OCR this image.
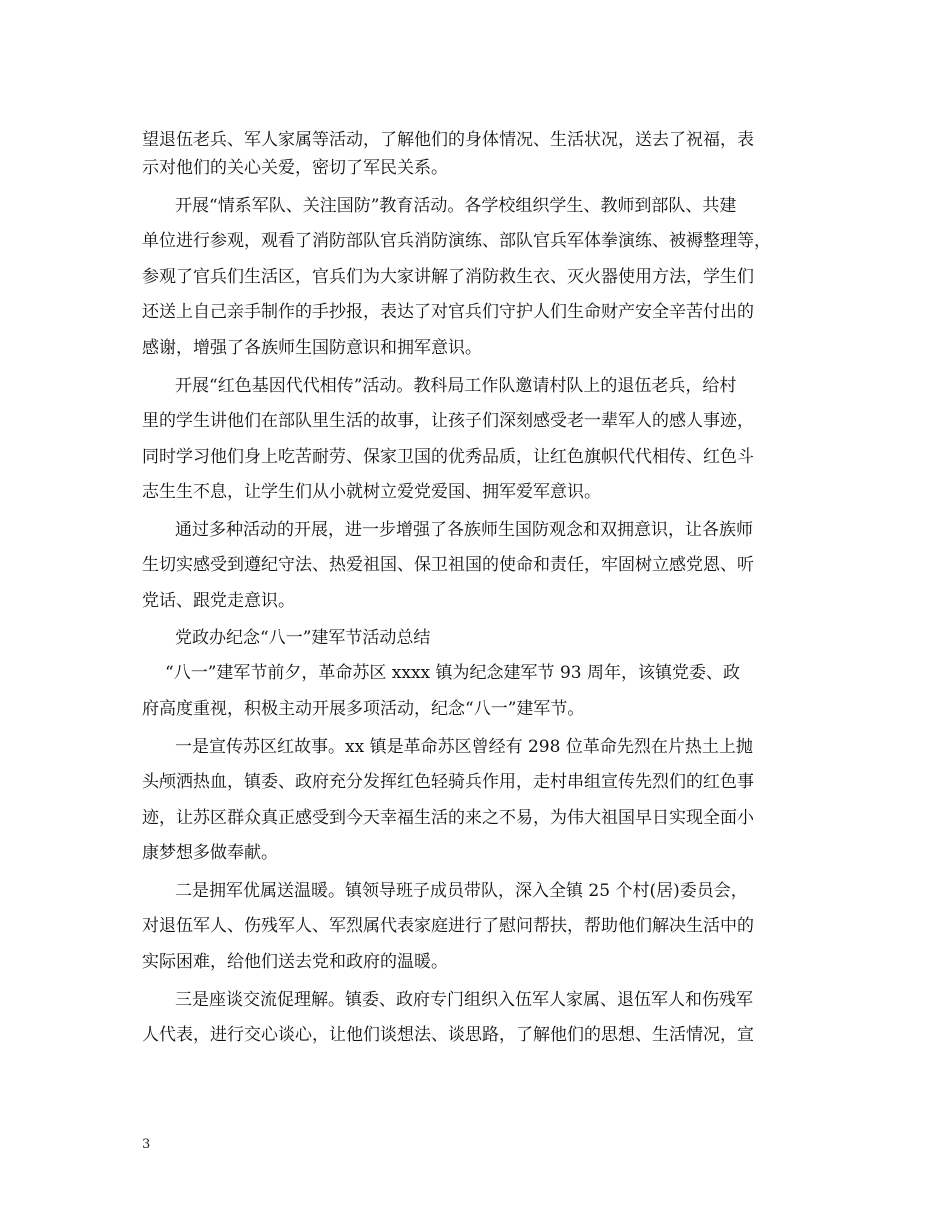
望退伍老兵、军人家属等活动，了解他们的身体情况、生活状况，送去了祝福，表

示对他们的关心关爱，密切了军民关系。

开展“情系军队、关注国防”教育活动。各学校组织学生、教师到部队、共建

单位进行参观，观看了消防部队官兵消防演练、部队官兵军体拳演练、被褥整理等，

参观了官兵们生活区，官兵们为大家讲解了消防救生衣、灭火器使用方法，学生们

还送上自己亲手制作的手抄报，表达了对官兵们守护人们生命财产安全辛苦付出的

感谢，增强了各族师生国防意识和拥军意识。

开展“红色基因代代相传”活动。教科局工作队邀请村队上的退伍老兵，给村

里的学生讲他们在部队里生活的故事，让孩子们深刻感受老一辈军人的感人事迹，

同时学习他们身上吃苦耐劳、保家卫国的优秀品质，让红色旗帜代代相传、红色斗

志生生不息，让学生们从小就树立爱党爱国、拥军爱军意识。

通过多种活动的开展，进一步增强了各族师生国防观念和双拥意识，让各族师

生切实感受到遵纪守法、热爱祖国、保卫祖国的使命和责任，牢固树立感党恩、听

党话、跟党走意识。

党政办纪念“八一”建军节活动总结

“八一”建军节前夕，革命苏区 xxxx 镇为纪念建军节 93 周年，该镇党委、政

府高度重视，积极主动开展多项活动，纪念“八一”建军节。

一是宣传苏区红故事。xx 镇是革命苏区曾经有 298 位革命先烈在片热土上抛

头颅洒热血，镇委、政府充分发挥红色轻骑兵作用，走村串组宣传先烈们的红色事

迹，让苏区群众真正感受到今天幸福生活的来之不易，为伟大祖国早日实现全面小

康梦想多做奉献。

二是拥军优属送温暖。镇领导班子成员带队，深入全镇 25 个村(居)委员会，

对退伍军人、伤残军人、军烈属代表家庭进行了慰问帮扶，帮助他们解决生活中的

实际困难，给他们送去党和政府的温暖。

三是座谈交流促理解。镇委、政府专门组织入伍军人家属、退伍军人和伤残军

人代表，进行交心谈心，让他们谈想法、谈思路，了解他们的思想、生活情况，宣

3
